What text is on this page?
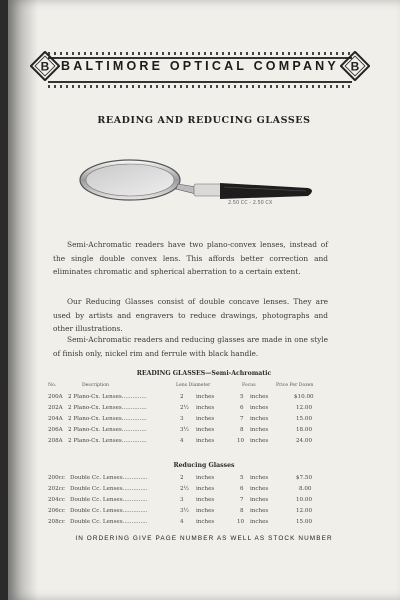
B BALTIMORE OPTICAL COMPANY B
READING AND REDUCING GLASSES
2.50 CC - 2.50 CX
Semi-Achromatic readers have two plano-convex lenses, instead of the single double convex lens. This affords better correction and eliminates chromatic and spherical aberration to a certain extent.
Our Reducing Glasses consist of double concave lenses. They are used by artists and engravers to reduce drawings, photographs and other illustrations.
Semi-Achromatic readers and reducing glasses are made in one style of finish only, nickel rim and ferrule with black handle.
READING GLASSES—Semi-Achromatic
No.	Description	Lens Diameter	Focus	Price Per Dozen
200A 2 Plano-Cx. Lenses..............	2 inches	5 inches	$10.00
202A 2 Plano-Cx. Lenses..............	2½ inches	6 inches	12.00
204A 2 Plano-Cx. Lenses..............	3 inches	7 inches	15.00
206A 2 Plano-Cx. Lenses..............	3½ inches	8 inches	18.00
208A 2 Plano-Cx. Lenses..............	4 inches	10 inches	24.00
Reducing Glasses
200cc Double Cc. Lenses..............	2 inches	5 inches	$7.50
202cc Double Cc. Lenses..............	2½ inches	6 inches	8.00
204cc Double Cc. Lenses..............	3 inches	7 inches	10.00
206cc Double Cc. Lenses..............	3½ inches	8 inches	12.00
208cc Double Cc. Lenses..............	4 inches	10 inches	15.00
IN ORDERING GIVE PAGE NUMBER AS WELL AS STOCK NUMBER
